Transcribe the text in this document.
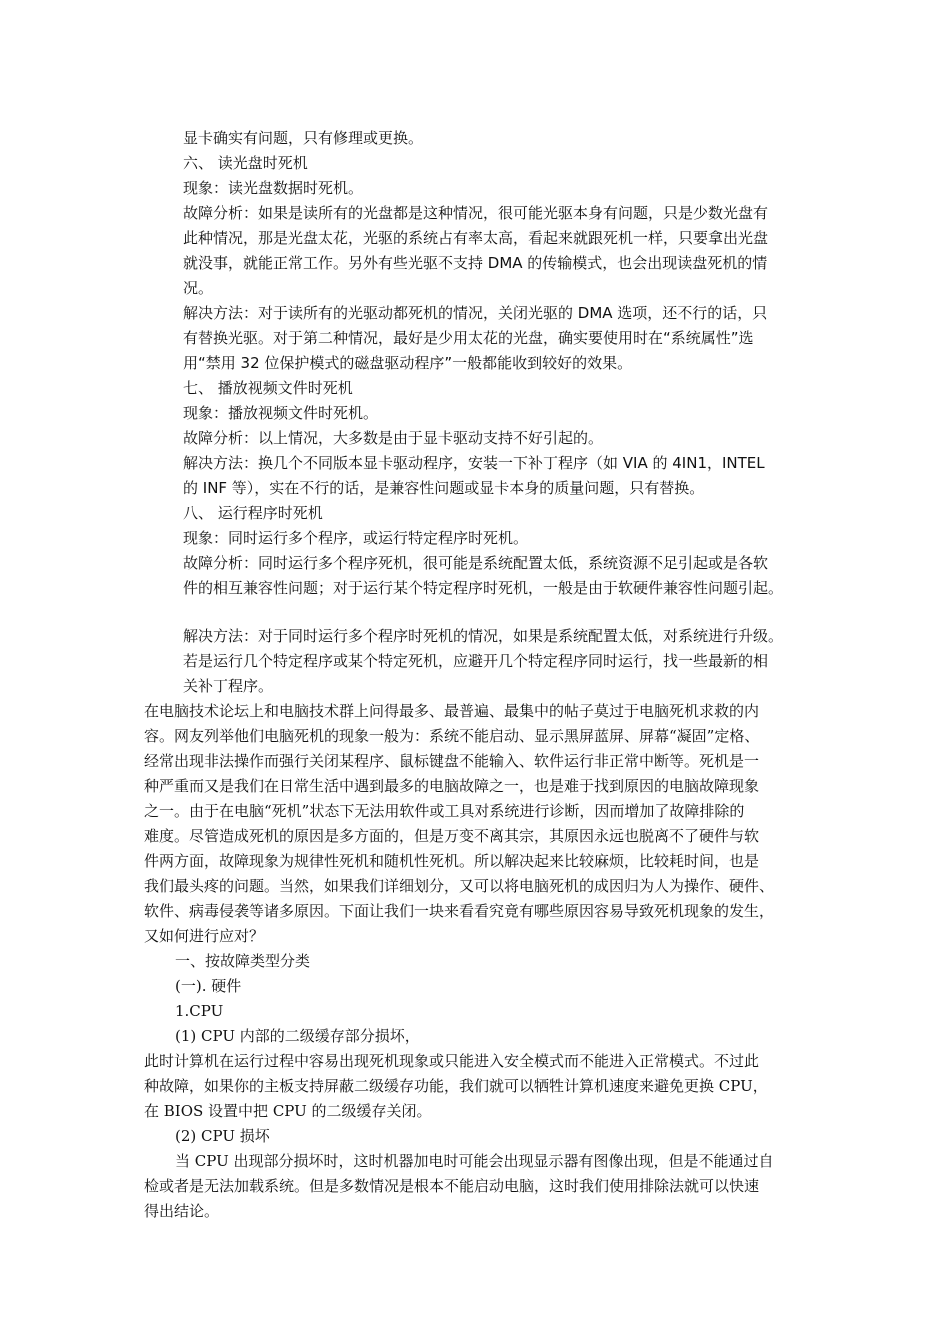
显卡确实有问题，只有修理或更换。
六、 读光盘时死机
现象：读光盘数据时死机。
故障分析：如果是读所有的光盘都是这种情况，很可能光驱本身有问题，只是少数光盘有
此种情况，那是光盘太花，光驱的系统占有率太高，看起来就跟死机一样，只要拿出光盘
就没事，就能正常工作。另外有些光驱不支持 DMA 的传输模式，也会出现读盘死机的情
况。
解决方法：对于读所有的光驱动都死机的情况，关闭光驱的 DMA 选项，还不行的话，只
有替换光驱。对于第二种情况，最好是少用太花的光盘，确实要使用时在“系统属性”选
用“禁用 32 位保护模式的磁盘驱动程序”一般都能收到较好的效果。
七、 播放视频文件时死机
现象：播放视频文件时死机。
故障分析：以上情况，大多数是由于显卡驱动支持不好引起的。
解决方法：换几个不同版本显卡驱动程序，安装一下补丁程序（如 VIA 的 4IN1，INTEL
的 INF 等），实在不行的话，是兼容性问题或显卡本身的质量问题，只有替换。
八、 运行程序时死机
现象：同时运行多个程序，或运行特定程序时死机。
故障分析：同时运行多个程序死机，很可能是系统配置太低，系统资源不足引起或是各软
件的相互兼容性问题；对于运行某个特定程序时死机，一般是由于软硬件兼容性问题引起。
解决方法：对于同时运行多个程序时死机的情况，如果是系统配置太低，对系统进行升级。
若是运行几个特定程序或某个特定死机，应避开几个特定程序同时运行，找一些最新的相
关补丁程序。
在电脑技术论坛上和电脑技术群上问得最多、最普遍、最集中的帖子莫过于电脑死机求救的内
容。网友列举他们电脑死机的现象一般为：系统不能启动、显示黑屏蓝屏、屏幕“凝固”定格、
经常出现非法操作而强行关闭某程序、鼠标键盘不能输入、软件运行非正常中断等。死机是一
种严重而又是我们在日常生活中遇到最多的电脑故障之一，也是难于找到原因的电脑故障现象
之一。由于在电脑“死机”状态下无法用软件或工具对系统进行诊断，因而增加了故障排除的
难度。尽管造成死机的原因是多方面的，但是万变不离其宗，其原因永远也脱离不了硬件与软
件两方面，故障现象为规律性死机和随机性死机。所以解决起来比较麻烦，比较耗时间，也是
我们最头疼的问题。当然，如果我们详细划分，又可以将电脑死机的成因归为人为操作、硬件、
软件、病毒侵袭等诸多原因。下面让我们一块来看看究竟有哪些原因容易导致死机现象的发生，
又如何进行应对？
一、按故障类型分类
(一). 硬件
1.CPU
(1) CPU 内部的二级缓存部分损坏，
此时计算机在运行过程中容易出现死机现象或只能进入安全模式而不能进入正常模式。不过此
种故障，如果你的主板支持屏蔽二级缓存功能，我们就可以牺牲计算机速度来避免更换 CPU，
在 BIOS 设置中把 CPU 的二级缓存关闭。
(2) CPU 损坏
当 CPU 出现部分损坏时，这时机器加电时可能会出现显示器有图像出现，但是不能通过自
检或者是无法加载系统。但是多数情况是根本不能启动电脑，这时我们使用排除法就可以快速
得出结论。
